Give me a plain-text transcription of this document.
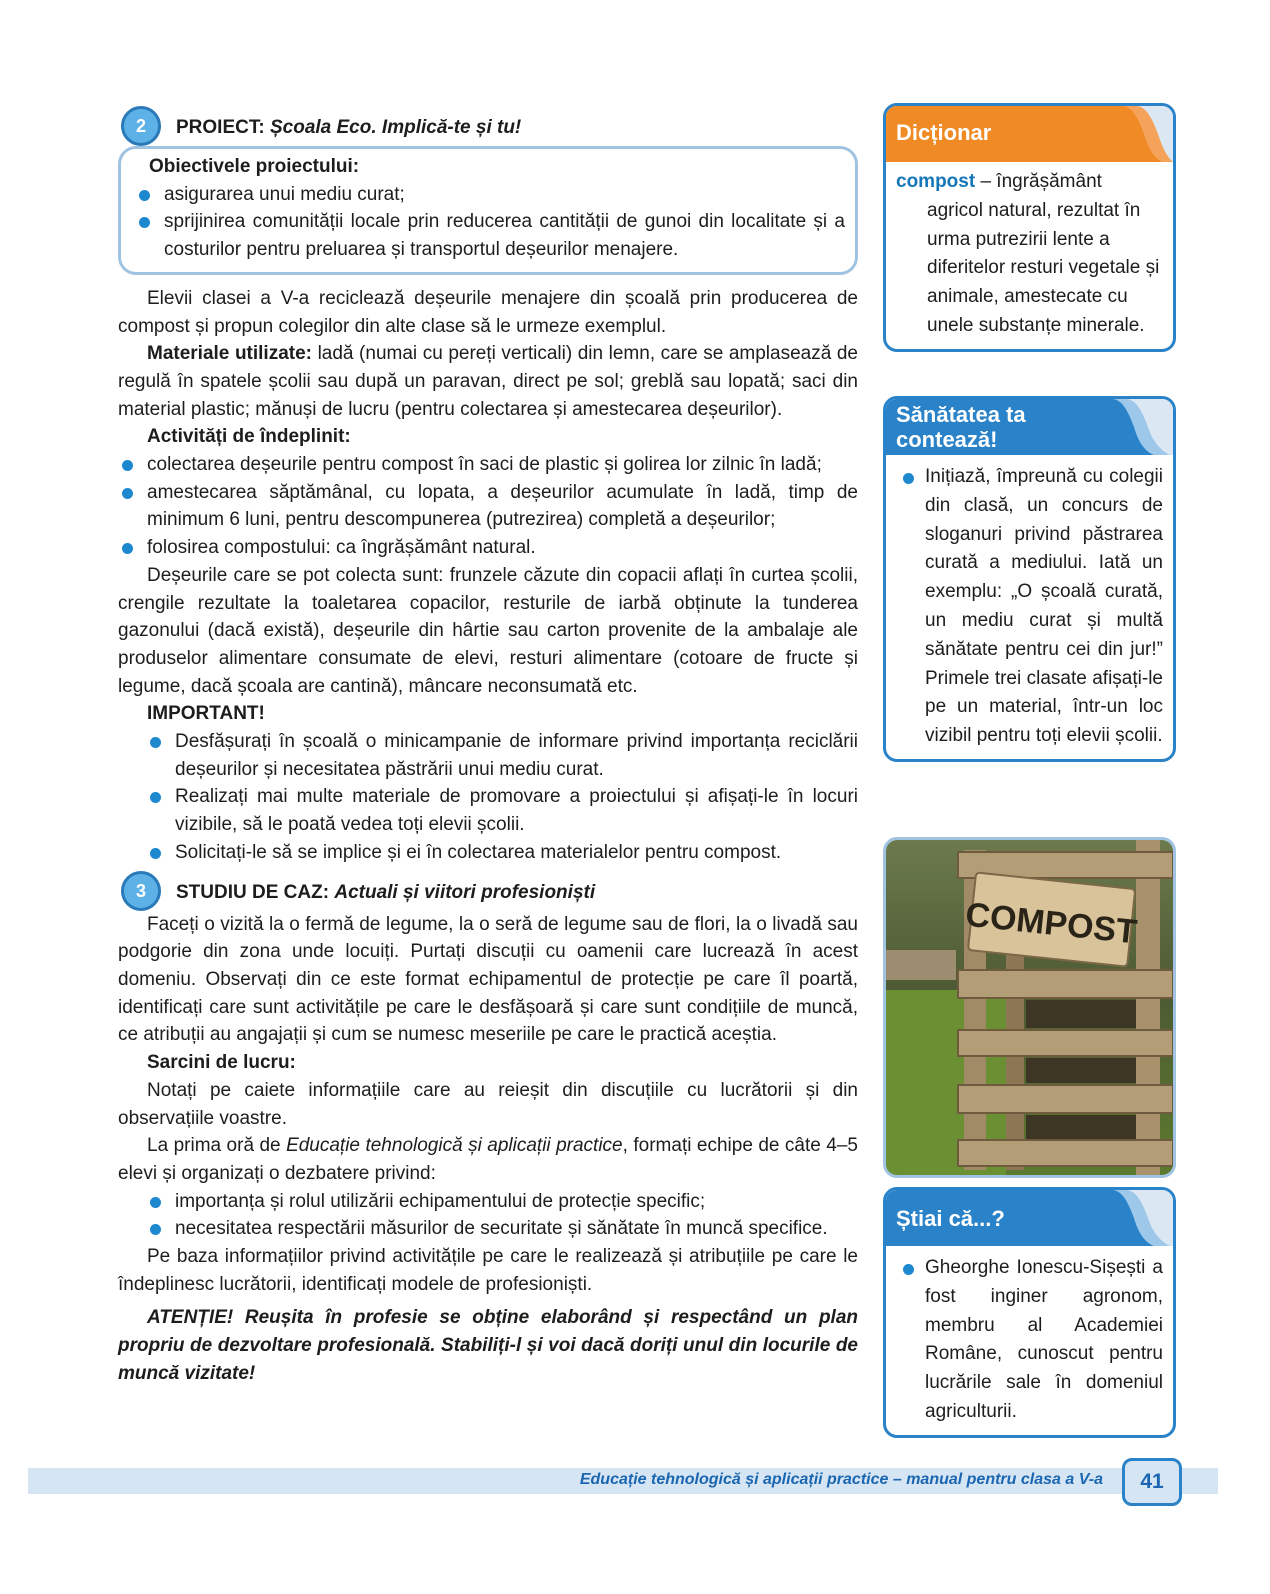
2	PROIECT: Școala Eco. Implică-te și tu!

Obiectivele proiectului:

asigurarea unui mediu curat;
sprijinirea comunității locale prin reducerea cantității de gunoi din localitate și a costurilor pentru preluarea și transportul deșeurilor menajere.

Elevii clasei a V-a reciclează deșeurile menajere din școală prin producerea de compost și propun colegilor din alte clase să le urmeze exemplul.

Materiale utilizate: ladă (numai cu pereți verticali) din lemn, care se amplasează de regulă în spatele școlii sau după un paravan, direct pe sol; greblă sau lopată; saci din material plastic; mănuși de lucru (pentru colectarea și amestecarea deșeurilor).

Activități de îndeplinit:

colectarea deșeurile pentru compost în saci de plastic și golirea lor zilnic în ladă;
amestecarea săptămânal, cu lopata, a deșeurilor acumulate în ladă, timp de minimum 6 luni, pentru descompunerea (putrezirea) completă a deșeurilor;
folosirea compostului: ca îngrășământ natural.

Deșeurile care se pot colecta sunt: frunzele căzute din copacii aflați în curtea școlii, crengile rezultate la toaletarea copacilor, resturile de iarbă obținute la tunderea gazonului (dacă există), deșeurile din hârtie sau carton provenite de la ambalaje ale produselor alimentare consumate de elevi, resturi alimentare (cotoare de fructe și legume, dacă școala are cantină), mâncare neconsumată etc.

IMPORTANT!

Desfășurați în școală o minicampanie de informare privind importanța reciclării deșeurilor și necesitatea păstrării unui mediu curat.
Realizați mai multe materiale de promovare a proiectului și afișați-le în locuri vizibile, să le poată vedea toți elevii școlii.
Solicitați-le să se implice și ei în colectarea materialelor pentru compost.
3	STUDIU DE CAZ: Actuali și viitori profesioniști

Faceți o vizită la o fermă de legume, la o seră de legume sau de flori, la o livadă sau podgorie din zona unde locuiți. Purtați discuții cu oamenii care lucrează în acest domeniu. Observați din ce este format echipamentul de protecție pe care îl poartă, identificați care sunt activitățile pe care le desfășoară și care sunt condițiile de muncă, ce atribuții au angajații și cum se numesc meseriile pe care le practică aceștia.

Sarcini de lucru:

Notați pe caiete informațiile care au reieșit din discuțiile cu lucrătorii și din observațiile voastre.

La prima oră de Educație tehnologică și aplicații practice, formați echipe de câte 4–5 elevi și organizați o dezbatere privind:

importanța și rolul utilizării echipamentului de protecție specific;
necesitatea respectării măsurilor de securitate și sănătate în muncă specifice.

Pe baza informațiilor privind activitățile pe care le realizează și atribuțiile pe care le îndeplinesc lucrătorii, identificați modele de profesioniști.

ATENȚIE! Reușita în profesie se obține elaborând și respectând un plan propriu de dezvoltare profesională. Stabiliți-l și voi dacă doriți unul din locurile de muncă vizitate!

Dicționar

compost – îngrășământ agricol natural, rezultat în urma putrezirii lente a diferitelor resturi vegetale și animale, amestecate cu unele substanțe minerale.

Sănătatea ta
contează!

Inițiază, împreună cu colegii din clasă, un concurs de sloganuri privind păstrarea curată a mediului. Iată un exemplu: „O școală curată, un mediu curat și multă sănătate pentru cei din jur!” Primele trei clasate afișați-le pe un material, într-un loc vizibil pentru toți elevii școlii.

COMPOST
Știai că...?

Gheorghe Ionescu-Sișești a fost inginer agronom, membru al Academiei Române, cunoscut pentru lucrările sale în domeniul agriculturii.

Educație tehnologică și aplicații practice – manual pentru clasa a V-a	41
